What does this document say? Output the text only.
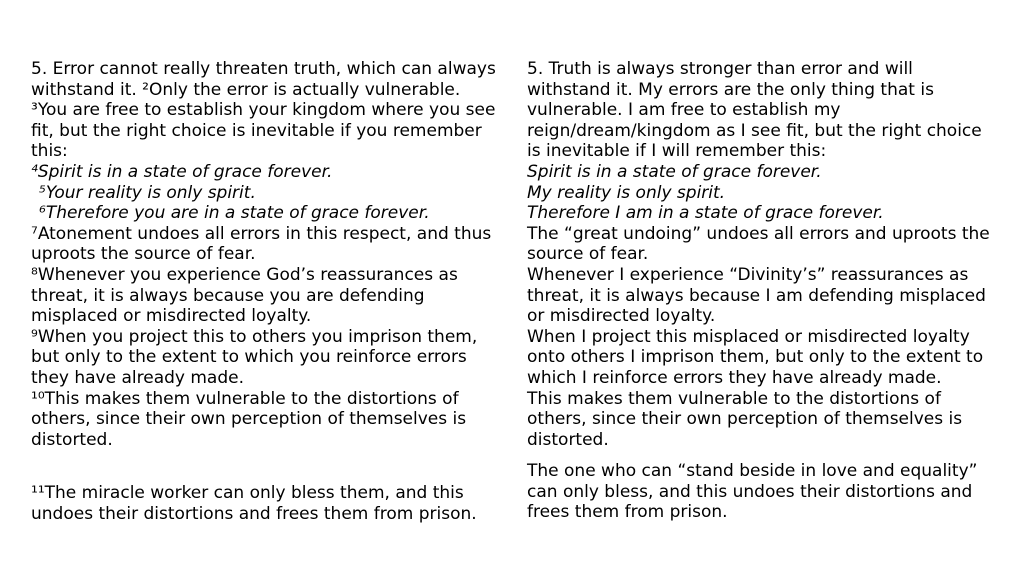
5. Error cannot really threaten truth, which can always withstand it. ²Only the error is actually vulnerable.

³You are free to establish your kingdom where you see fit, but the right choice is inevitable if you remember this:

⁴Spirit is in a state of grace forever.

⁵Your reality is only spirit.

⁶Therefore you are in a state of grace forever.

⁷Atonement undoes all errors in this respect, and thus uproots the source of fear.

⁸Whenever you experience God’s reassurances as threat, it is always because you are defending misplaced or misdirected loyalty.

⁹When you project this to others you imprison them, but only to the extent to which you reinforce errors they have already made.

¹⁰This makes them vulnerable to the distortions of others, since their own perception of themselves is distorted.

¹¹The miracle worker can only bless them, and this undoes their distortions and frees them from prison.

5. Truth is always stronger than error and will withstand it. My errors are the only thing that is vulnerable. I am free to establish my reign/dream/kingdom as I see fit, but the right choice is inevitable if I will remember this:

Spirit is in a state of grace forever.

My reality is only spirit.

Therefore I am in a state of grace forever.

The “great undoing” undoes all errors and uproots the source of fear.

Whenever I experience “Divinity’s” reassurances as threat, it is always because I am defending misplaced or misdirected loyalty.

When I project this misplaced or misdirected loyalty onto others I imprison them, but only to the extent to which I reinforce errors they have already made.

This makes them vulnerable to the distortions of others, since their own perception of themselves is distorted.

The one who can “stand beside in love and equality” can only bless, and this undoes their distortions and frees them from prison.
